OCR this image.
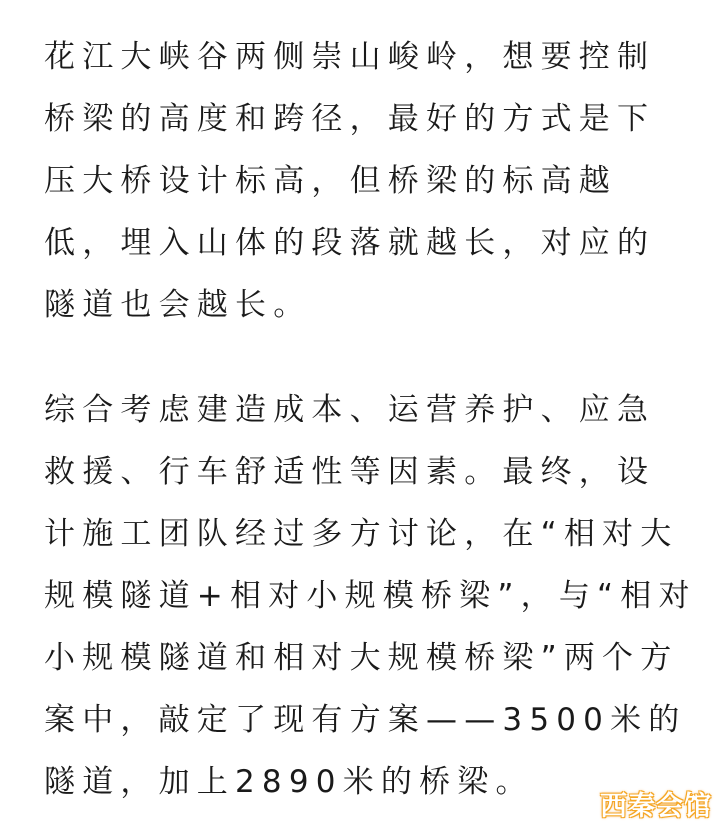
花江大峡谷两侧崇山峻岭，想要控制
桥梁的高度和跨径，最好的方式是下
压大桥设计标高，但桥梁的标高越
低，埋入山体的段落就越长，对应的
隧道也会越长。
综合考虑建造成本、运营养护、应急
救援、行车舒适性等因素。最终，设
计施工团队经过多方讨论，在“相对大
规模隧道+相对小规模桥梁”，与“相对
小规模隧道和相对大规模桥梁”两个方
案中，敲定了现有方案——3500米的
隧道，加上2890米的桥梁。
西秦会馆
